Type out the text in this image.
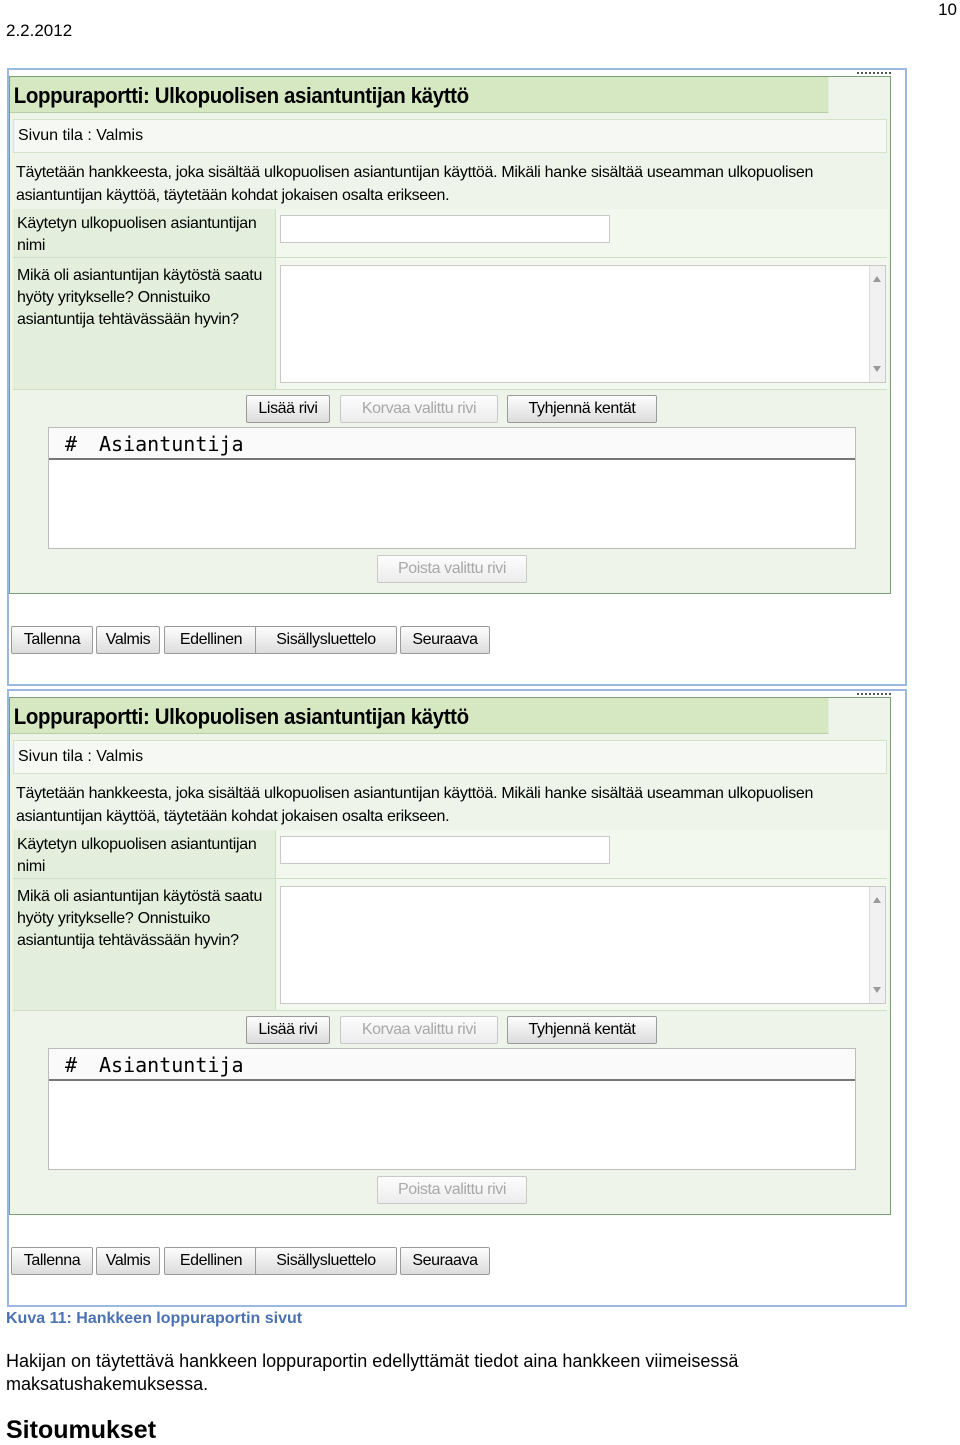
2.2.2012
10
Loppuraportti: Ulkopuolisen asiantuntijan käyttö
Sivun tila : Valmis
Täytetään hankkeesta, joka sisältää ulkopuolisen asiantuntijan käyttöä. Mikäli hanke sisältää useamman ulkopuolisen asiantuntijan käyttöä, täytetään kohdat jokaisen osalta erikseen.
Käytetyn ulkopuolisen asiantuntijan nimi
Mikä oli asiantuntijan käytöstä saatu hyöty yritykselle? Onnistuiko asiantuntija tehtävässään hyvin?
Lisää rivi	Korvaa valittu rivi	Tyhjennä kentät
# Asiantuntija
Poista valittu rivi
Tallenna	Valmis	Edellinen	Sisällysluettelo	Seuraava
Loppuraportti: Ulkopuolisen asiantuntijan käyttö
Sivun tila : Valmis
Täytetään hankkeesta, joka sisältää ulkopuolisen asiantuntijan käyttöä. Mikäli hanke sisältää useamman ulkopuolisen asiantuntijan käyttöä, täytetään kohdat jokaisen osalta erikseen.
Käytetyn ulkopuolisen asiantuntijan nimi
Mikä oli asiantuntijan käytöstä saatu hyöty yritykselle? Onnistuiko asiantuntija tehtävässään hyvin?
Lisää rivi	Korvaa valittu rivi	Tyhjennä kentät
# Asiantuntija
Poista valittu rivi
Tallenna	Valmis	Edellinen	Sisällysluettelo	Seuraava
Kuva 11: Hankkeen loppuraportin sivut
Hakijan on täytettävä hankkeen loppuraportin edellyttämät tiedot aina hankkeen viimeisessä maksatushakemuksessa.
Sitoumukset
